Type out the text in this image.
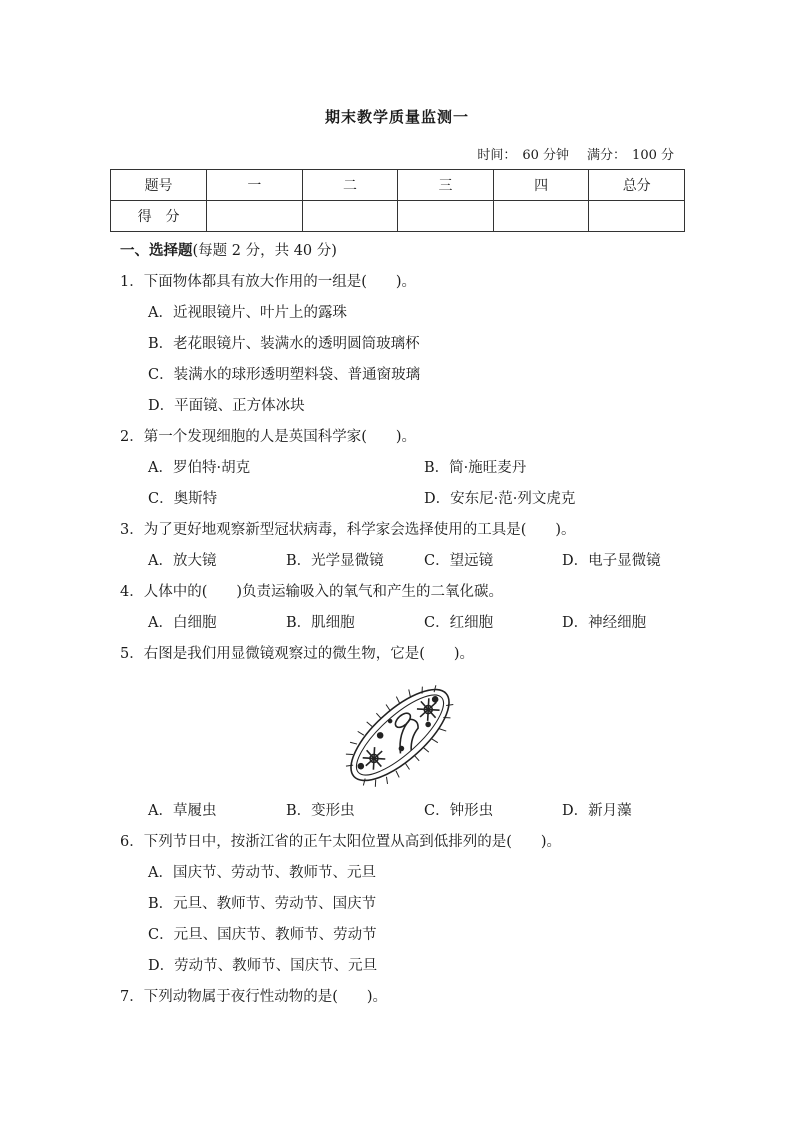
期末教学质量监测一
时间： 60 分钟 满分： 100 分
题号	一	二	三	四	总分
得　分					
一、选择题(每题 2 分，共 40 分)
1．下面物体都具有放大作用的一组是(　　)。
A．近视眼镜片、叶片上的露珠
B．老花眼镜片、装满水的透明圆筒玻璃杯
C．装满水的球形透明塑料袋、普通窗玻璃
D．平面镜、正方体冰块
2．第一个发现细胞的人是英国科学家(　　)。
A．罗伯特·胡克	B．简·施旺麦丹
C．奥斯特	D．安东尼·范·列文虎克
3．为了更好地观察新型冠状病毒，科学家会选择使用的工具是(　　)。
A．放大镜	B．光学显微镜	C．望远镜	D．电子显微镜
4．人体中的(　　)负责运输吸入的氧气和产生的二氧化碳。
A．白细胞	B．肌细胞	C．红细胞	D．神经细胞
5．右图是我们用显微镜观察过的微生物，它是(　　)。
A．草履虫	B．变形虫	C．钟形虫	D．新月藻
6．下列节日中，按浙江省的正午太阳位置从高到低排列的是(　　)。
A．国庆节、劳动节、教师节、元旦
B．元旦、教师节、劳动节、国庆节
C．元旦、国庆节、教师节、劳动节
D．劳动节、教师节、国庆节、元旦
7．下列动物属于夜行性动物的是(　　)。
